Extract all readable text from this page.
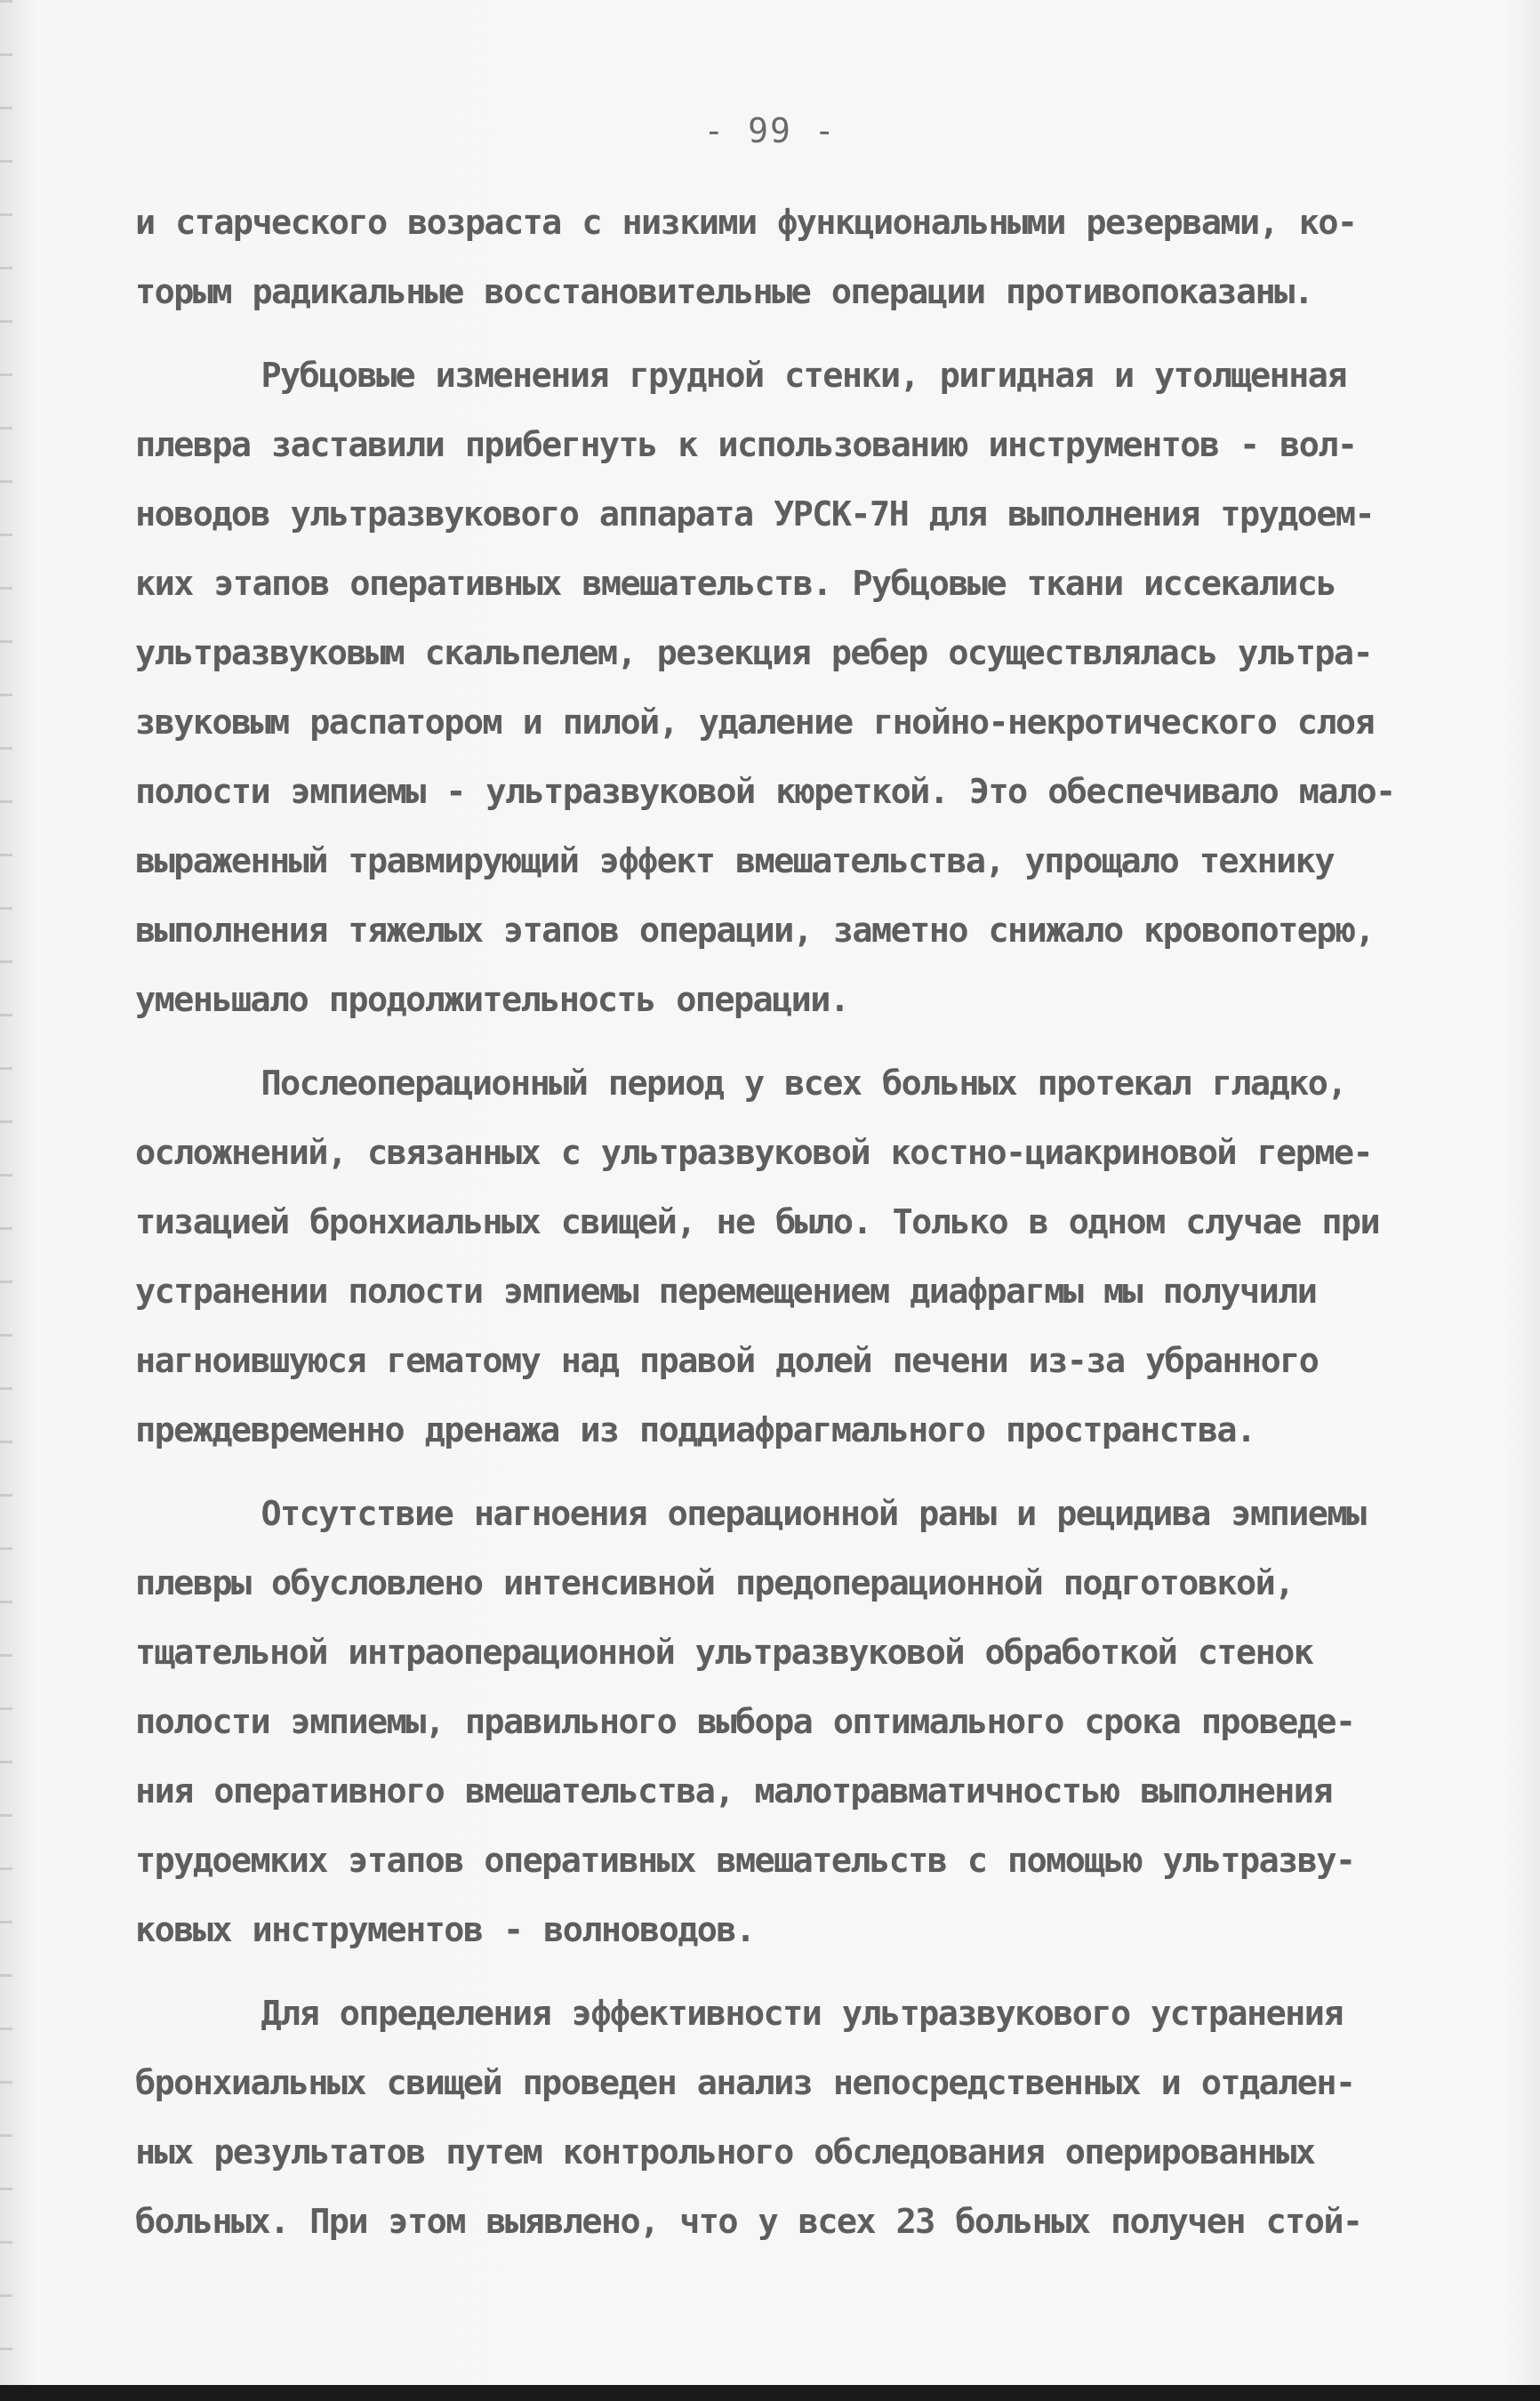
- 99 -
и старческого возраста с низкими функциональными резервами, ко-
торым радикальные восстановительные операции противопоказаны.
Рубцовые изменения грудной стенки, ригидная и утолщенная
плевра заставили прибегнуть к использованию инструментов - вол-
новодов ультразвукового аппарата УРСК-7Н для выполнения трудоем-
ких этапов оперативных вмешательств. Рубцовые ткани иссекались
ультразвуковым скальпелем, резекция ребер осуществлялась ультра-
звуковым распатором и пилой, удаление гнойно-некротического слоя
полости эмпиемы - ультразвуковой кюреткой. Это обеспечивало мало-
выраженный травмирующий эффект вмешательства, упрощало технику
выполнения тяжелых этапов операции, заметно снижало кровопотерю,
уменьшало продолжительность операции.
Послеоперационный период у всех больных протекал гладко,
осложнений, связанных с ультразвуковой костно-циакриновой герме-
тизацией бронхиальных свищей, не было. Только в одном случае при
устранении полости эмпиемы перемещением диафрагмы мы получили
нагноившуюся гематому над правой долей печени из-за убранного
преждевременно дренажа из поддиафрагмального пространства.
Отсутствие нагноения операционной раны и рецидива эмпиемы
плевры обусловлено интенсивной предоперационной подготовкой,
тщательной интраоперационной ультразвуковой обработкой стенок
полости эмпиемы, правильного выбора оптимального срока проведе-
ния оперативного вмешательства, малотравматичностью выполнения
трудоемких этапов оперативных вмешательств с помощью ультразву-
ковых инструментов - волноводов.
Для определения эффективности ультразвукового устранения
бронхиальных свищей проведен анализ непосредственных и отдален-
ных результатов путем контрольного обследования оперированных
больных. При этом выявлено, что у всех 23 больных получен стой-
